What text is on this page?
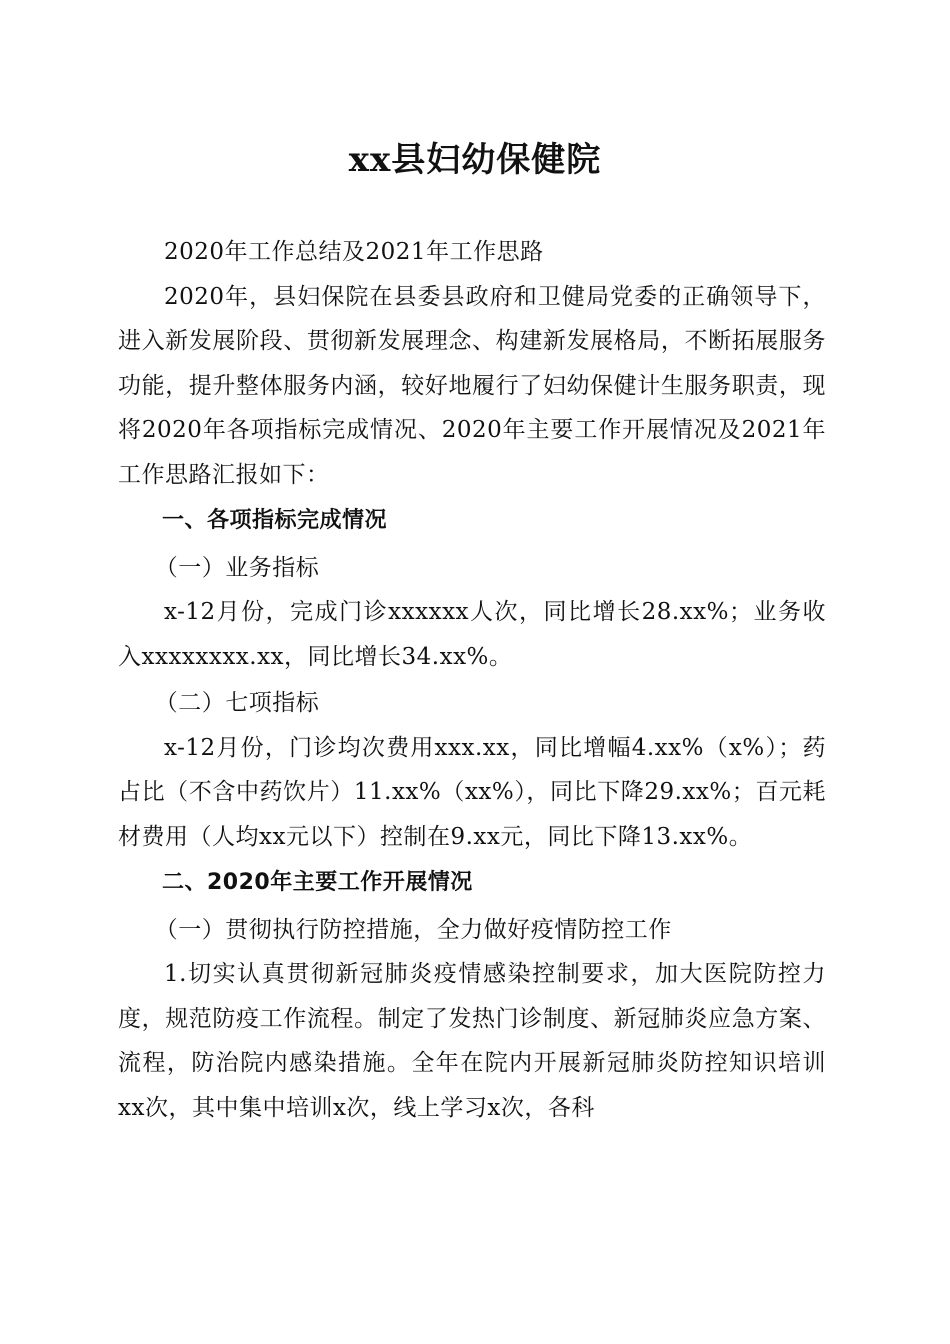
xx县妇幼保健院

2020年工作总结及2021年工作思路

2020年，县妇保院在县委县政府和卫健局党委的正确领导下，进入新发展阶段、贯彻新发展理念、构建新发展格局，不断拓展服务功能，提升整体服务内涵，较好地履行了妇幼保健计生服务职责，现将2020年各项指标完成情况、2020年主要工作开展情况及2021年工作思路汇报如下：

一、各项指标完成情况

（一）业务指标

x-12月份，完成门诊xxxxxx人次，同比增长28.xx%；业务收入xxxxxxxx.xx，同比增长34.xx%。

（二）七项指标

x-12月份，门诊均次费用xxx.xx，同比增幅4.xx%（x%）；药占比（不含中药饮片）11.xx%（xx%），同比下降29.xx%；百元耗材费用（人均xx元以下）控制在9.xx元，同比下降13.xx%。

二、2020年主要工作开展情况

（一）贯彻执行防控措施，全力做好疫情防控工作

1.切实认真贯彻新冠肺炎疫情感染控制要求，加大医院防控力度，规范防疫工作流程。制定了发热门诊制度、新冠肺炎应急方案、流程，防治院内感染措施。全年在院内开展新冠肺炎防控知识培训xx次，其中集中培训x次，线上学习x次，各科
